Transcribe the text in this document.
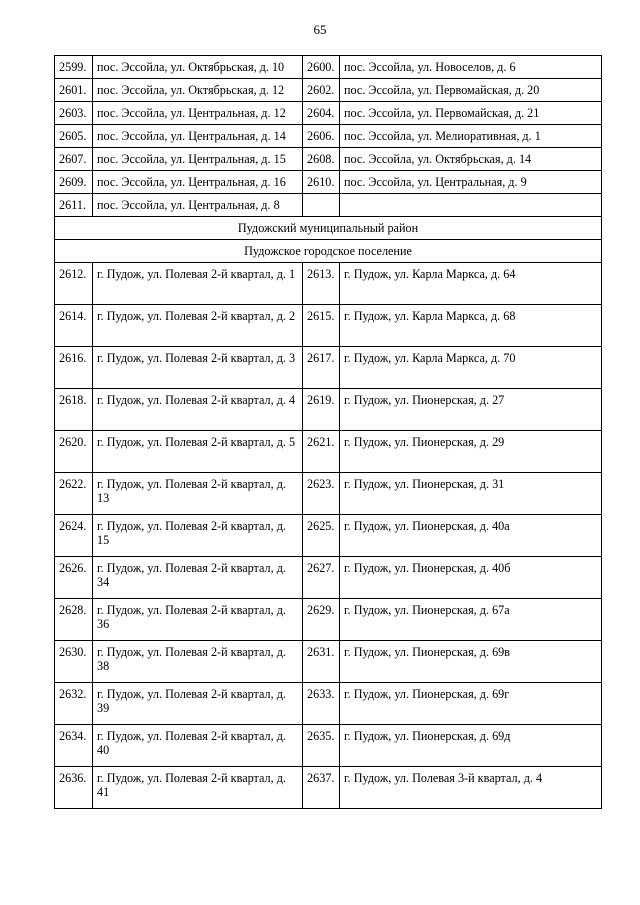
65
2599.	пос. Эссойла, ул. Октябрьская, д. 10	2600.	пос. Эссойла, ул. Новоселов, д. 6
2601.	пос. Эссойла, ул. Октябрьская, д. 12	2602.	пос. Эссойла, ул. Первомайская, д. 20
2603.	пос. Эссойла, ул. Центральная, д. 12	2604.	пос. Эссойла, ул. Первомайская, д. 21
2605.	пос. Эссойла, ул. Центральная, д. 14	2606.	пос. Эссойла, ул. Мелиоративная, д. 1
2607.	пос. Эссойла, ул. Центральная, д. 15	2608.	пос. Эссойла, ул. Октябрьская, д. 14
2609.	пос. Эссойла, ул. Центральная, д. 16	2610.	пос. Эссойла, ул. Центральная, д. 9
2611.	пос. Эссойла, ул. Центральная, д. 8		
Пудожский муниципальный район			
Пудожское городское поселение			
2612.	г. Пудож, ул. Полевая 2-й квартал, д. 1	2613.	г. Пудож, ул. Карла Маркса, д. 64
2614.	г. Пудож, ул. Полевая 2-й квартал, д. 2	2615.	г. Пудож, ул. Карла Маркса, д. 68
2616.	г. Пудож, ул. Полевая 2-й квартал, д. 3	2617.	г. Пудож, ул. Карла Маркса, д. 70
2618.	г. Пудож, ул. Полевая 2-й квартал, д. 4	2619.	г. Пудож, ул. Пионерская, д. 27
2620.	г. Пудож, ул. Полевая 2-й квартал, д. 5	2621.	г. Пудож, ул. Пионерская, д. 29
2622.	г. Пудож, ул. Полевая 2-й квартал, д. 13	2623.	г. Пудож, ул. Пионерская, д. 31
2624.	г. Пудож, ул. Полевая 2-й квартал, д. 15	2625.	г. Пудож, ул. Пионерская, д. 40а
2626.	г. Пудож, ул. Полевая 2-й квартал, д. 34	2627.	г. Пудож, ул. Пионерская, д. 40б
2628.	г. Пудож, ул. Полевая 2-й квартал, д. 36	2629.	г. Пудож, ул. Пионерская, д. 67а
2630.	г. Пудож, ул. Полевая 2-й квартал, д. 38	2631.	г. Пудож, ул. Пионерская, д. 69в
2632.	г. Пудож, ул. Полевая 2-й квартал, д. 39	2633.	г. Пудож, ул. Пионерская, д. 69г
2634.	г. Пудож, ул. Полевая 2-й квартал, д. 40	2635.	г. Пудож, ул. Пионерская, д. 69д
2636.	г. Пудож, ул. Полевая 2-й квартал, д. 41	2637.	г. Пудож, ул. Полевая 3-й квартал, д. 4
